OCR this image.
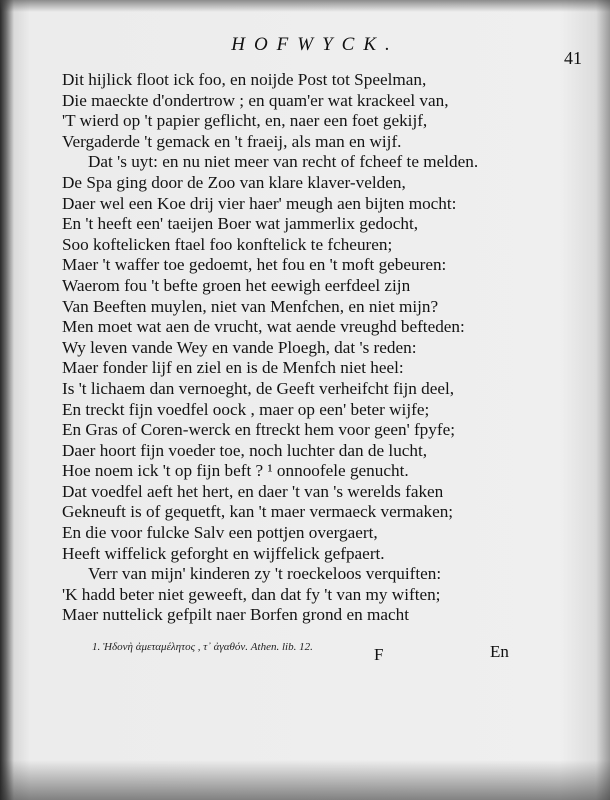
HOFWYCK.
41
Dit hijlick floot ick foo, en noijde Post tot Speelman,
Die maeckte d'ondertrow ; en quam'er wat krackeel van,
'T wierd op 't papier geflicht, en, naer een foet gekijf,
Vergaderde 't gemack en 't fraeij, als man en wijf.
Dat 's uyt: en nu niet meer van recht of fcheef te melden.
De Spa ging door de Zoo van klare klaver-velden,
Daer wel een Koe drij vier haer' meugh aen bijten mocht:
En 't heeft een' taeijen Boer wat jammerlix gedocht,
Soo koftelicken ftael foo konftelick te fcheuren;
Maer 't waffer toe gedoemt, het fou en 't moft gebeuren:
Waerom fou 't befte groen het eewigh eerfdeel zijn
Van Beeften muylen, niet van Menfchen, en niet mijn?
Men moet wat aen de vrucht, wat aende vreughd befteden:
Wy leven vande Wey en vande Ploegh, dat 's reden:
Maer fonder lijf en ziel en is de Menfch niet heel:
Is 't lichaem dan vernoeght, de Geeft verheifcht fijn deel,
En treckt fijn voedfel oock , maer op een' beter wijfe;
En Gras of Coren-werck en ftreckt hem voor geen' fpyfe;
Daer hoort fijn voeder toe, noch luchter dan de lucht,
Hoe noem ick 't op fijn beft ? ¹ onnoofele genucht.
Dat voedfel aeft het hert, en daer 't van 's werelds faken
Gekneuft is of gequetft, kan 't maer vermaeck vermaken;
En die voor fulcke Salv een pottjen overgaert,
Heeft wiffelick geforght en wijffelick gefpaert.
Verr van mijn' kinderen zy 't roeckeloos verquiften:
'K hadd beter niet geweeft, dan dat fy 't van my wiften;
Maer nuttelick gefpilt naer Borfen grond en macht
1. Ἡδονὴ ἀμεταμέλητος , τ᾽ ἀγαθόν. Athen. lib. 12.	F	En
